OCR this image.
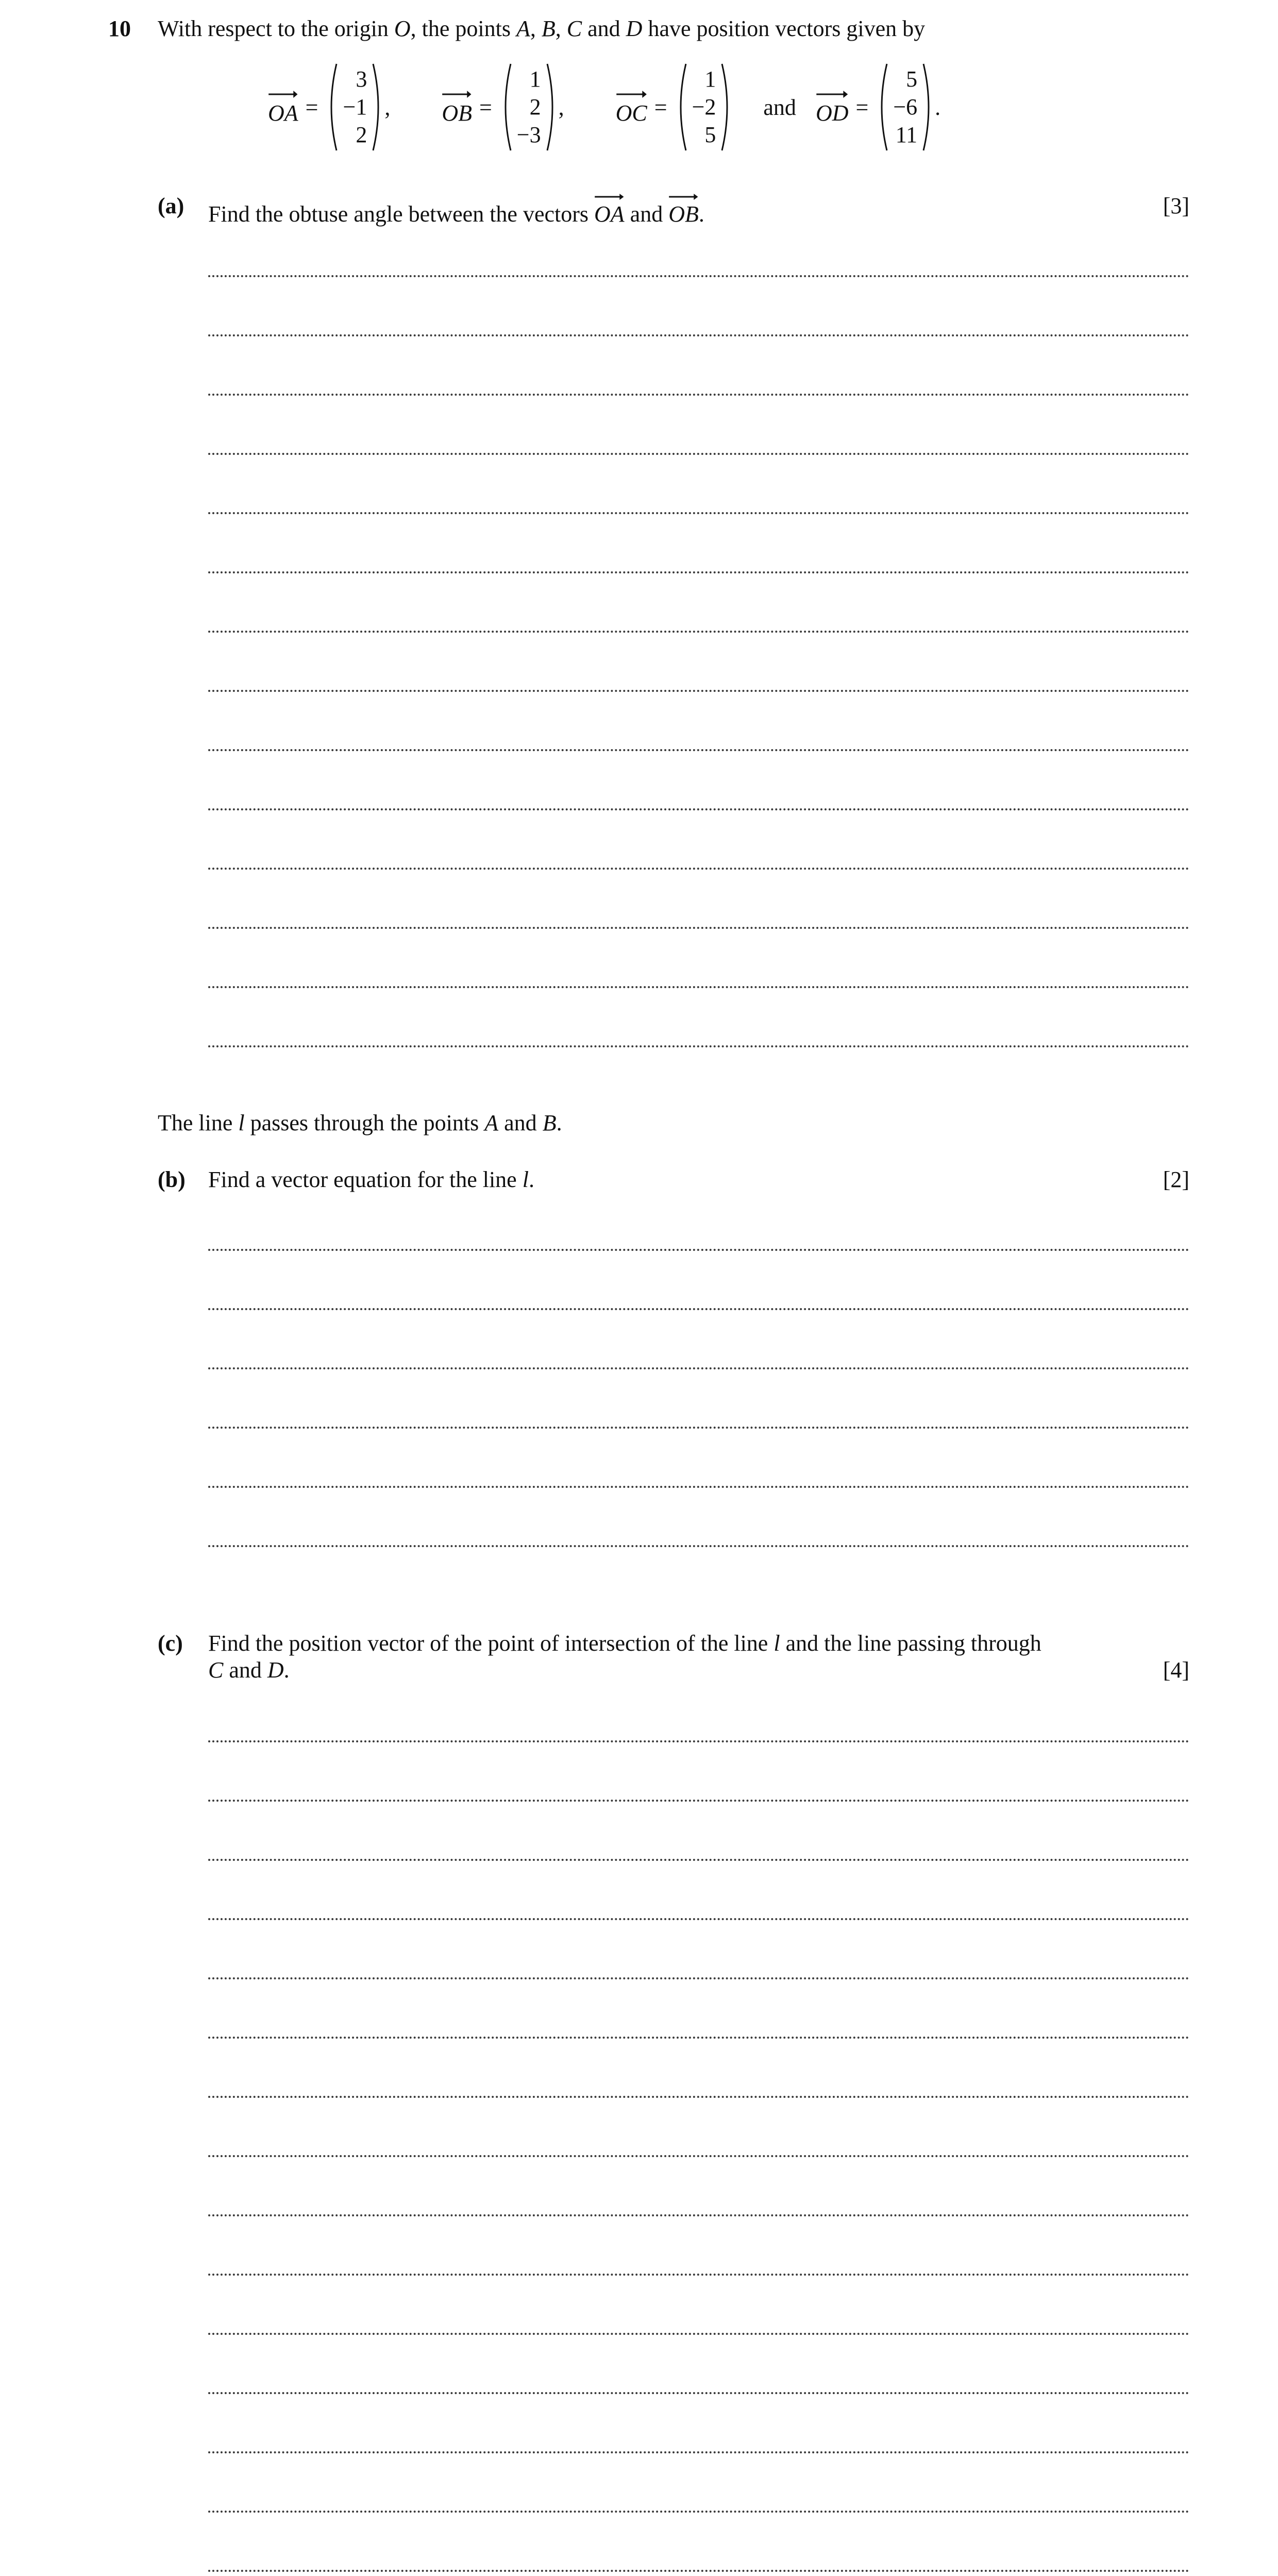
10 With respect to the origin O, the points A, B, C and D have position vectors given by
OA =
3
−1
2
, OB =
1
2
−3
, OC =
1
−2
5
and OD =
5
−6
11
.
(a) Find the obtuse angle between the vectors
OA and
OB.	[3]
The line l passes through the points A and B.
(b) Find a vector equation for the line l.	[2]
(c) Find the position vector of the point of intersection of the line l and the line passing through
C and D.	[4]
